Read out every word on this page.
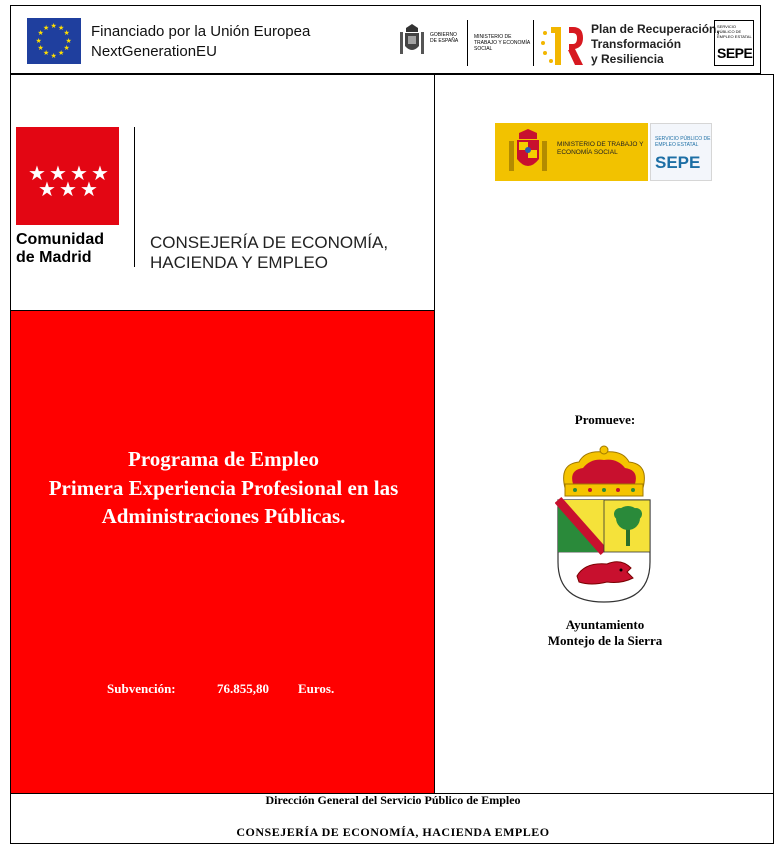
★ ★
★
★
★
★
★
★
★
★
★
★	Financiado por la Unión Europea
NextGenerationEU
GOBIERNO DE ESPAÑA
MINISTERIO DE TRABAJO Y ECONOMÍA SOCIAL
Plan de Recuperación,
Transformación
y Resiliencia
SERVICIO PÚBLICO DE EMPLEO ESTATAL
SEPE
★ ★ ★ ★
★ ★ ★
Comunidad
de Madrid
CONSEJERÍA DE ECONOMÍA,
HACIENDA Y EMPLEO
Programa de Empleo
Primera Experiencia Profesional en las
Administraciones Públicas.
Subvención:	76.855,80 Euros.
MINISTERIO DE TRABAJO Y ECONOMÍA SOCIAL
SERVICIO PÚBLICO DE EMPLEO ESTATAL
SEPE
Promueve:
Ayuntamiento
Montejo de la Sierra
Dirección General del Servicio Público de Empleo
CONSEJERÍA DE ECONOMÍA, HACIENDA EMPLEO
